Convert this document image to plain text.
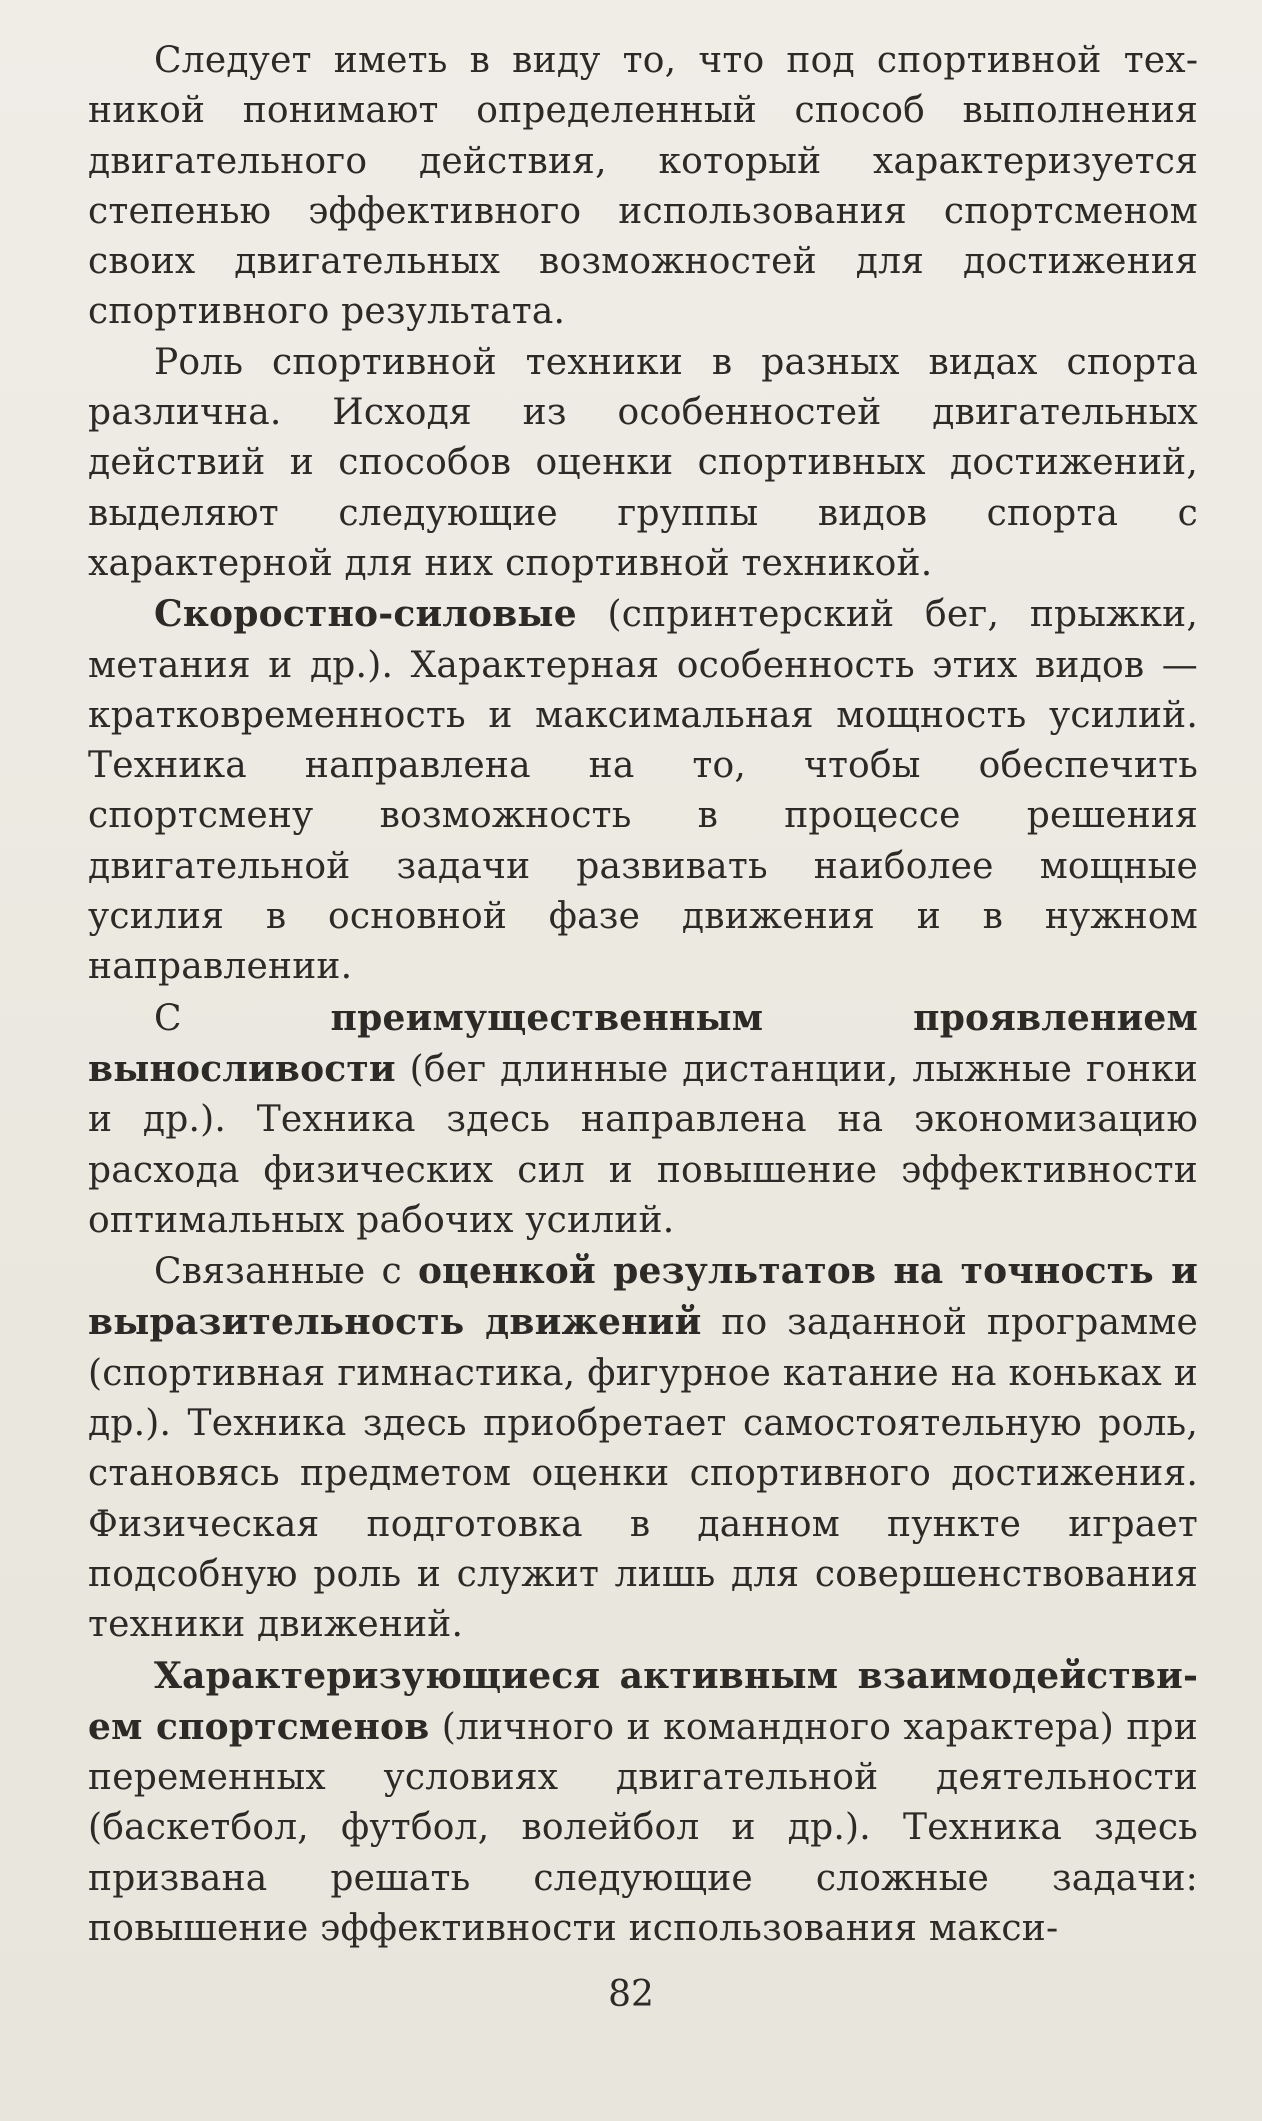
Следует иметь в виду то, что под спортивной техникой понимают определенный способ выполнения двигательного действия, который характеризуется степенью эффективного использования спортсменом своих двигательных возможностей для достижения спортивного результата.

Роль спортивной техники в разных видах спорта различна. Исходя из особенностей двигательных действий и способов оценки спортивных достижений, выделяют следующие группы видов спорта с характерной для них спортивной техникой.

Скоростно-силовые (спринтерский бег, прыжки, метания и др.). Характерная особенность этих видов — кратковременность и максимальная мощность усилий. Техника направлена на то, чтобы обеспечить спортсмену возможность в процессе решения двигательной задачи развивать наиболее мощные усилия в основной фазе движения и в нужном направлении.

С преимущественным проявлением выносливости (бег длинные дистанции, лыжные гонки и др.). Техника здесь направлена на экономизацию расхода физических сил и повышение эффективности оптимальных рабочих усилий.

Связанные с оценкой результатов на точность и выразительность движений по заданной программе (спортивная гимнастика, фигурное катание на коньках и др.). Техника здесь приобретает самостоятельную роль, становясь предметом оценки спортивного достижения. Физическая подготовка в данном пункте играет подсобную роль и служит лишь для совершенствования техники движений.

Характеризующиеся активным взаимодействием спортсменов (личного и командного характера) при переменных условиях двигательной деятельности (баскетбол, футбол, волейбол и др.). Техника здесь призвана решать следующие сложные задачи: повышение эффективности использования макси-

82
